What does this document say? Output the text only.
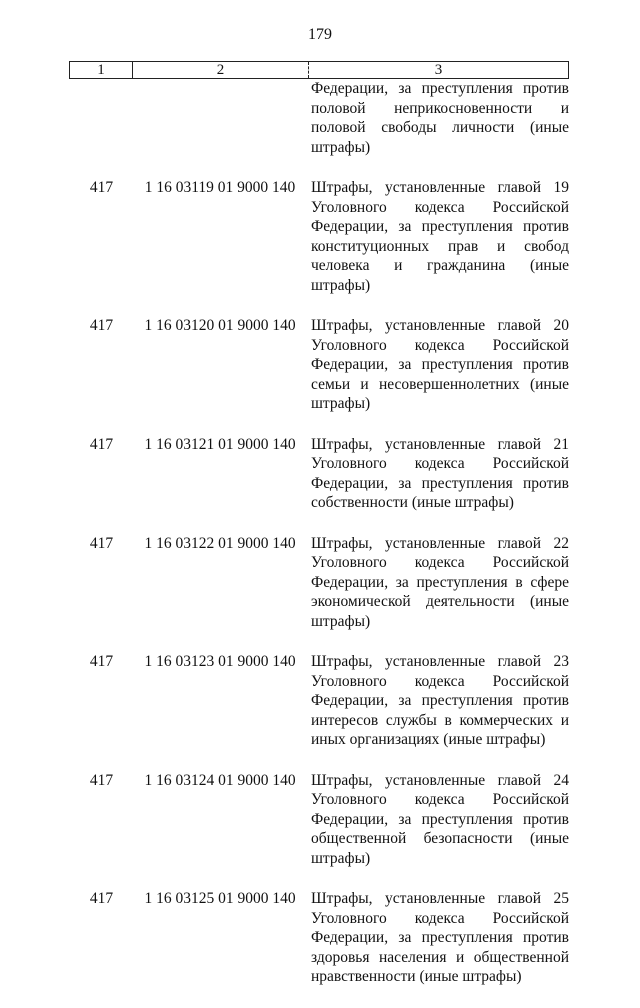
179
1	2	3
Федерации, за преступления против
половой неприкосновенности и
половой свободы личности (иные
штрафы)
417	1 16 03119 01 9000 140	Штрафы, установленные главой 19
Уголовного кодекса Российской
Федерации, за преступления против
конституционных прав и свобод
человека и гражданина (иные штрафы)
417	1 16 03120 01 9000 140 Штрафы, установленные главой 20
Уголовного кодекса Российской
Федерации, за преступления против
семьи и несовершеннолетних (иные
штрафы)
417	1 16 03121 01 9000 140 Штрафы, установленные главой 21
Уголовного кодекса Российской
Федерации, за преступления против
собственности (иные штрафы)
417	1 16 03122 01 9000 140 Штрафы, установленные главой 22
Уголовного кодекса Российской
Федерации, за преступления в сфере
экономической деятельности (иные
штрафы)
417	1 16 03123 01 9000 140 Штрафы, установленные главой 23
Уголовного кодекса Российской
Федерации, за преступления против
интересов службы в коммерческих и
иных организациях (иные штрафы)
417	1 16 03124 01 9000 140 Штрафы, установленные главой 24
Уголовного кодекса Российской
Федерации, за преступления против
общественной безопасности (иные
штрафы)
417	1 16 03125 01 9000 140 Штрафы, установленные главой 25
Уголовного кодекса Российской
Федерации, за преступления против
здоровья населения и общественной
нравственности (иные штрафы)
